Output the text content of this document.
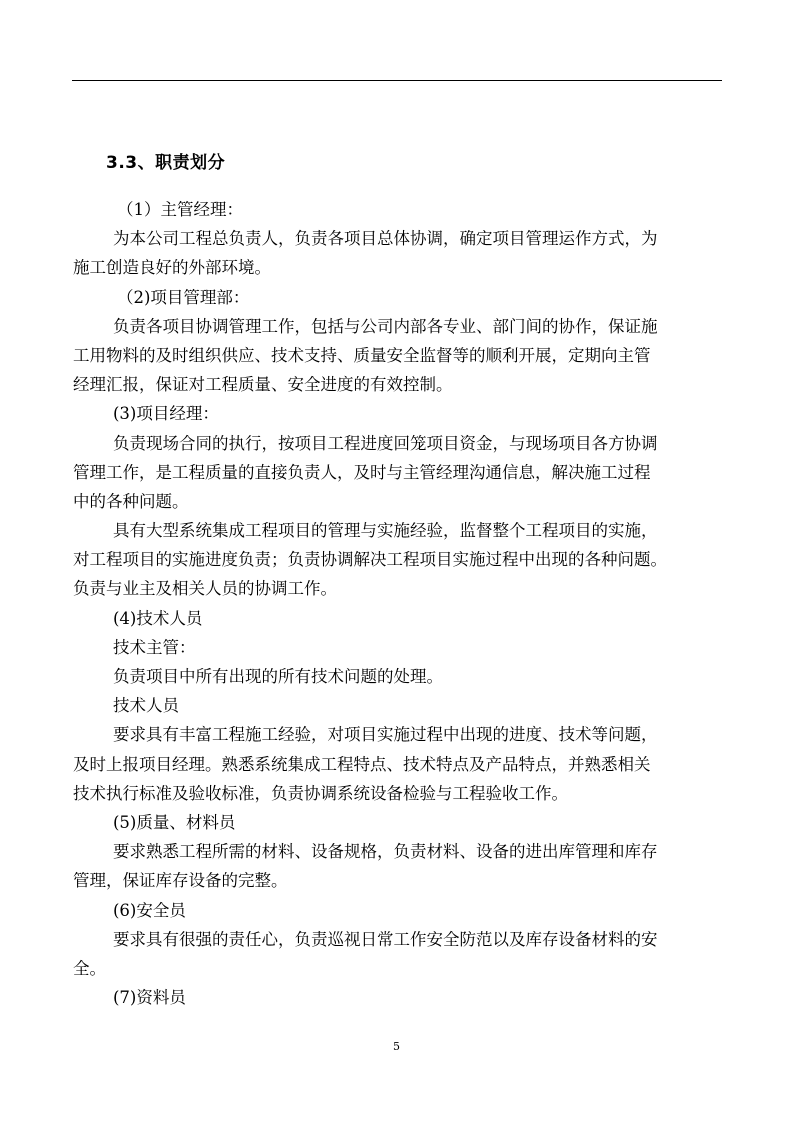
3.3、职责划分
（1）主管经理：
为本公司工程总负责人，负责各项目总体协调，确定项目管理运作方式，为
施工创造良好的外部环境。
（2)项目管理部：
负责各项目协调管理工作，包括与公司内部各专业、部门间的协作，保证施
工用物料的及时组织供应、技术支持、质量安全监督等的顺利开展，定期向主管
经理汇报，保证对工程质量、安全进度的有效控制。
(3)项目经理：
负责现场合同的执行，按项目工程进度回笼项目资金，与现场项目各方协调
管理工作，是工程质量的直接负责人，及时与主管经理沟通信息，解决施工过程
中的各种问题。
具有大型系统集成工程项目的管理与实施经验，监督整个工程项目的实施，
对工程项目的实施进度负责；负责协调解决工程项目实施过程中出现的各种问题。
负责与业主及相关人员的协调工作。
(4)技术人员
技术主管：
负责项目中所有出现的所有技术问题的处理。
技术人员
要求具有丰富工程施工经验，对项目实施过程中出现的进度、技术等问题，
及时上报项目经理。熟悉系统集成工程特点、技术特点及产品特点，并熟悉相关
技术执行标准及验收标准，负责协调系统设备检验与工程验收工作。
(5)质量、材料员
要求熟悉工程所需的材料、设备规格，负责材料、设备的进出库管理和库存
管理，保证库存设备的完整。
(6)安全员
要求具有很强的责任心，负责巡视日常工作安全防范以及库存设备材料的安
全。
(7)资料员
5
